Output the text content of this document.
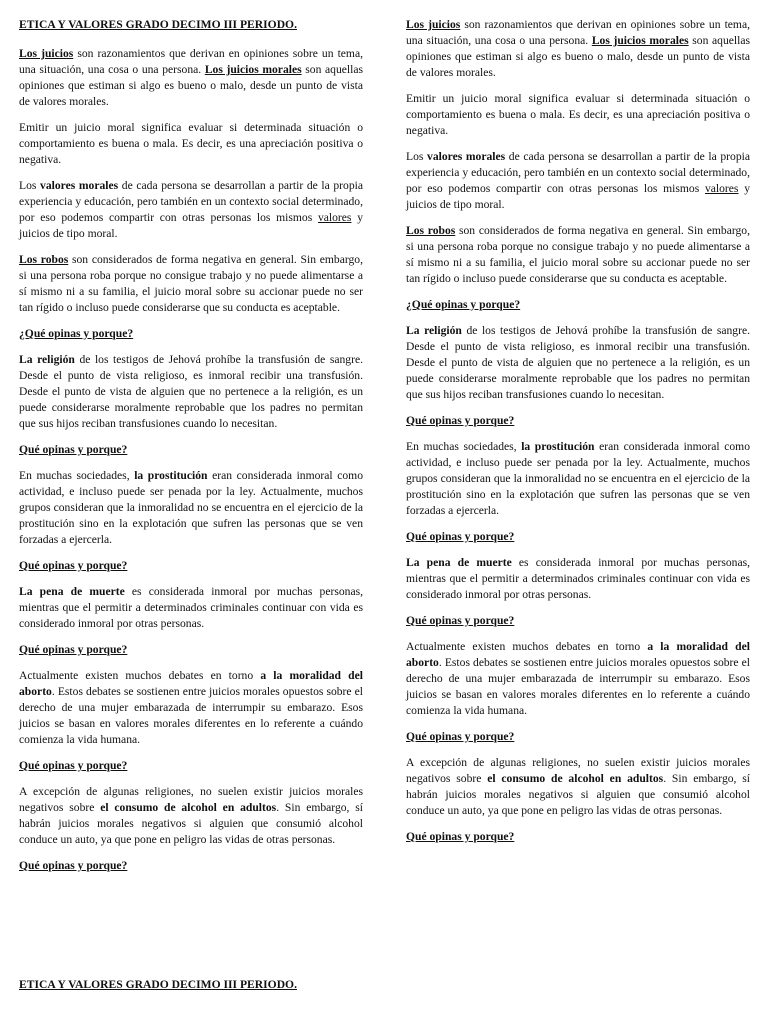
ETICA Y VALORES GRADO DECIMO III PERIODO.

Los juicios son razonamientos que derivan en opiniones sobre un tema, una situación, una cosa o una persona. Los juicios morales son aquellas opiniones que estiman si algo es bueno o malo, desde un punto de vista de valores morales.

Emitir un juicio moral significa evaluar si determinada situación o comportamiento es buena o mala. Es decir, es una apreciación positiva o negativa.

Los valores morales de cada persona se desarrollan a partir de la propia experiencia y educación, pero también en un contexto social determinado, por eso podemos compartir con otras personas los mismos valores y juicios de tipo moral.

Los robos son considerados de forma negativa en general. Sin embargo, si una persona roba porque no consigue trabajo y no puede alimentarse a sí mismo ni a su familia, el juicio moral sobre su accionar puede no ser tan rígido o incluso puede considerarse que su conducta es aceptable.

¿Qué opinas y porque?

La religión de los testigos de Jehová prohíbe la transfusión de sangre. Desde el punto de vista religioso, es inmoral recibir una transfusión. Desde el punto de vista de alguien que no pertenece a la religión, es un puede considerarse moralmente reprobable que los padres no permitan que sus hijos reciban transfusiones cuando lo necesitan.

Qué opinas y porque?

En muchas sociedades, la prostitución eran considerada inmoral como actividad, e incluso puede ser penada por la ley. Actualmente, muchos grupos consideran que la inmoralidad no se encuentra en el ejercicio de la prostitución sino en la explotación que sufren las personas que se ven forzadas a ejercerla.

Qué opinas y porque?

La pena de muerte es considerada inmoral por muchas personas, mientras que el permitir a determinados criminales continuar con vida es considerado inmoral por otras personas.

Qué opinas y porque?

Actualmente existen muchos debates en torno a la moralidad del aborto. Estos debates se sostienen entre juicios morales opuestos sobre el derecho de una mujer embarazada de interrumpir su embarazo. Esos juicios se basan en valores morales diferentes en lo referente a cuándo comienza la vida humana.

Qué opinas y porque?

A excepción de algunas religiones, no suelen existir juicios morales negativos sobre el consumo de alcohol en adultos. Sin embargo, sí habrán juicios morales negativos si alguien que consumió alcohol conduce un auto, ya que pone en peligro las vidas de otras personas.

Qué opinas y porque?

Los juicios son razonamientos que derivan en opiniones sobre un tema, una situación, una cosa o una persona. Los juicios morales son aquellas opiniones que estiman si algo es bueno o malo, desde un punto de vista de valores morales.

Emitir un juicio moral significa evaluar si determinada situación o comportamiento es buena o mala. Es decir, es una apreciación positiva o negativa.

Los valores morales de cada persona se desarrollan a partir de la propia experiencia y educación, pero también en un contexto social determinado, por eso podemos compartir con otras personas los mismos valores y juicios de tipo moral.

Los robos son considerados de forma negativa en general. Sin embargo, si una persona roba porque no consigue trabajo y no puede alimentarse a sí mismo ni a su familia, el juicio moral sobre su accionar puede no ser tan rígido o incluso puede considerarse que su conducta es aceptable.

¿Qué opinas y porque?

La religión de los testigos de Jehová prohíbe la transfusión de sangre. Desde el punto de vista religioso, es inmoral recibir una transfusión. Desde el punto de vista de alguien que no pertenece a la religión, es un puede considerarse moralmente reprobable que los padres no permitan que sus hijos reciban transfusiones cuando lo necesitan.

Qué opinas y porque?

En muchas sociedades, la prostitución eran considerada inmoral como actividad, e incluso puede ser penada por la ley. Actualmente, muchos grupos consideran que la inmoralidad no se encuentra en el ejercicio de la prostitución sino en la explotación que sufren las personas que se ven forzadas a ejercerla.

Qué opinas y porque?

La pena de muerte es considerada inmoral por muchas personas, mientras que el permitir a determinados criminales continuar con vida es considerado inmoral por otras personas.

Qué opinas y porque?

Actualmente existen muchos debates en torno a la moralidad del aborto. Estos debates se sostienen entre juicios morales opuestos sobre el derecho de una mujer embarazada de interrumpir su embarazo. Esos juicios se basan en valores morales diferentes en lo referente a cuándo comienza la vida humana.

Qué opinas y porque?

A excepción de algunas religiones, no suelen existir juicios morales negativos sobre el consumo de alcohol en adultos. Sin embargo, sí habrán juicios morales negativos si alguien que consumió alcohol conduce un auto, ya que pone en peligro las vidas de otras personas.

Qué opinas y porque?

ETICA Y VALORES GRADO DECIMO III PERIODO.
